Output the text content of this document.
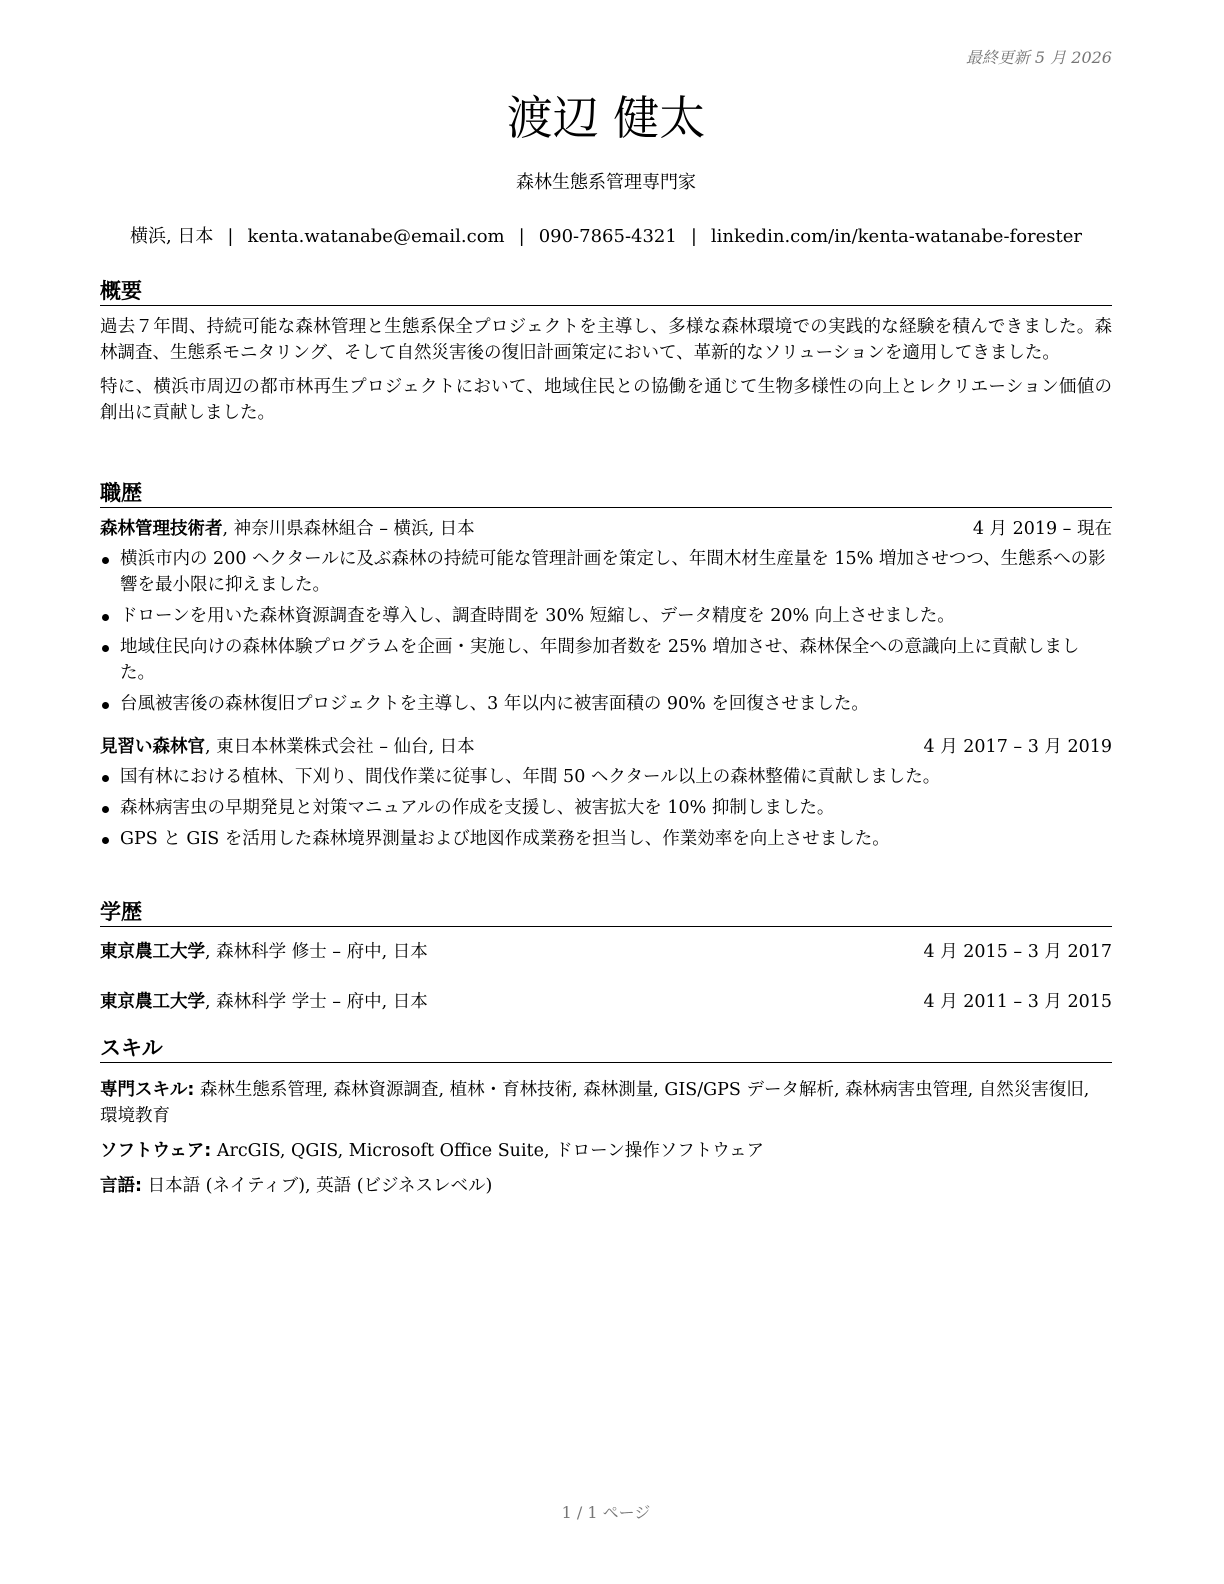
最終更新 5 月 2026
渡辺 健太
森林生態系管理専門家
横浜, 日本 | kenta.watanabe@email.com | 090-7865-4321 | linkedin.com/in/kenta-watanabe-forester
概要

過去７年間、持続可能な森林管理と生態系保全プロジェクトを主導し、多様な森林環境での実践的な経験を積んできました。森林調査、生態系モニタリング、そして自然災害後の復旧計画策定において、革新的なソリューションを適用してきました。

特に、横浜市周辺の都市林再生プロジェクトにおいて、地域住民との協働を通じて生物多様性の向上とレクリエーション価値の創出に貢献しました。

職歴
森林管理技術者, 神奈川県森林組合 – 横浜, 日本	4 月 2019 – 現在
横浜市内の 200 ヘクタールに及ぶ森林の持続可能な管理計画を策定し、年間木材生産量を 15% 増加させつつ、生態系への影響を最小限に抑えました。
ドローンを用いた森林資源調査を導入し、調査時間を 30% 短縮し、データ精度を 20% 向上させました。
地域住民向けの森林体験プログラムを企画・実施し、年間参加者数を 25% 増加させ、森林保全への意識向上に貢献しました。
台風被害後の森林復旧プロジェクトを主導し、3 年以内に被害面積の 90% を回復させました。
見習い森林官, 東日本林業株式会社 – 仙台, 日本	4 月 2017 – 3 月 2019
国有林における植林、下刈り、間伐作業に従事し、年間 50 ヘクタール以上の森林整備に貢献しました。
森林病害虫の早期発見と対策マニュアルの作成を支援し、被害拡大を 10% 抑制しました。
GPS と GIS を活用した森林境界測量および地図作成業務を担当し、作業効率を向上させました。
学歴
東京農工大学, 森林科学 修士 – 府中, 日本	4 月 2015 – 3 月 2017
東京農工大学, 森林科学 学士 – 府中, 日本	4 月 2011 – 3 月 2015
スキル
専門スキル: 森林生態系管理, 森林資源調査, 植林・育林技術, 森林測量, GIS/GPS データ解析, 森林病害虫管理, 自然災害復旧, 環境教育
ソフトウェア: ArcGIS, QGIS, Microsoft Office Suite, ドローン操作ソフトウェア
言語: 日本語 (ネイティブ), 英語 (ビジネスレベル)
1 / 1 ページ
